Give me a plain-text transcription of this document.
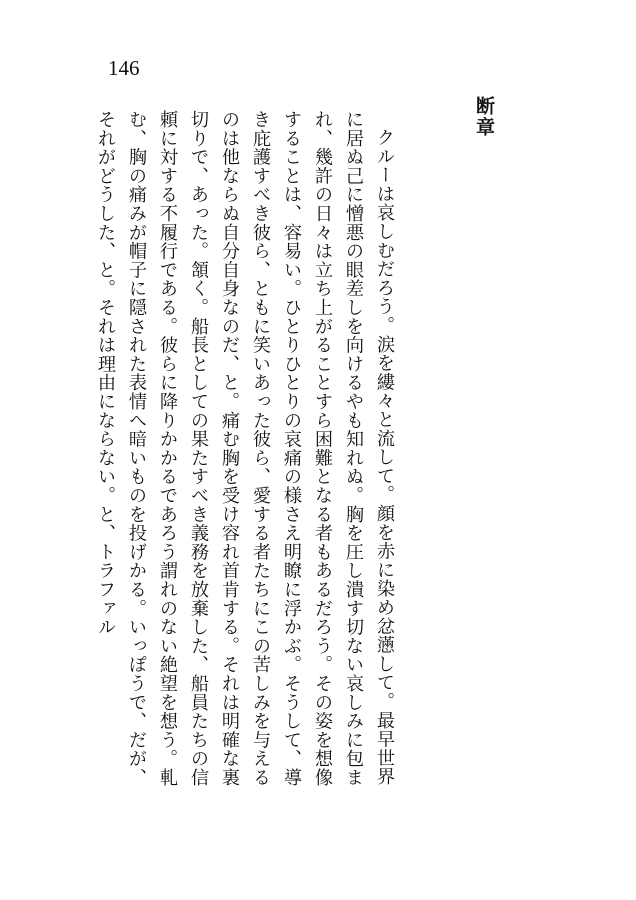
146
断章

クルーは哀しむだろう。涙を縷々と流して。顔を赤に染め忿懣して。最早世界に居ぬ己に憎悪の眼差しを向けるやも知れぬ。胸を圧し潰す切ない哀しみに包まれ、幾許の日々は立ち上がることすら困難となる者もあるだろう。その姿を想像することは、容易い。ひとりひとりの哀痛の様さえ明瞭に浮かぶ。そうして、導き庇護すべき彼ら、ともに笑いあった彼ら、愛する者たちにこの苦しみを与えるのは他ならぬ自分自身なのだ、と。痛む胸を受け容れ首肯する。それは明確な裏切りで、あった。頷く。船長としての果たすべき義務を放棄した、船員たちの信頼に対する不履行である。彼らに降りかかるであろう謂れのない絶望を想う。軋む、胸の痛みが帽子に隠された表情へ暗いものを投げかる。いっぽうで、だが、それがどうした、と。それは理由にならない。と、トラファル
